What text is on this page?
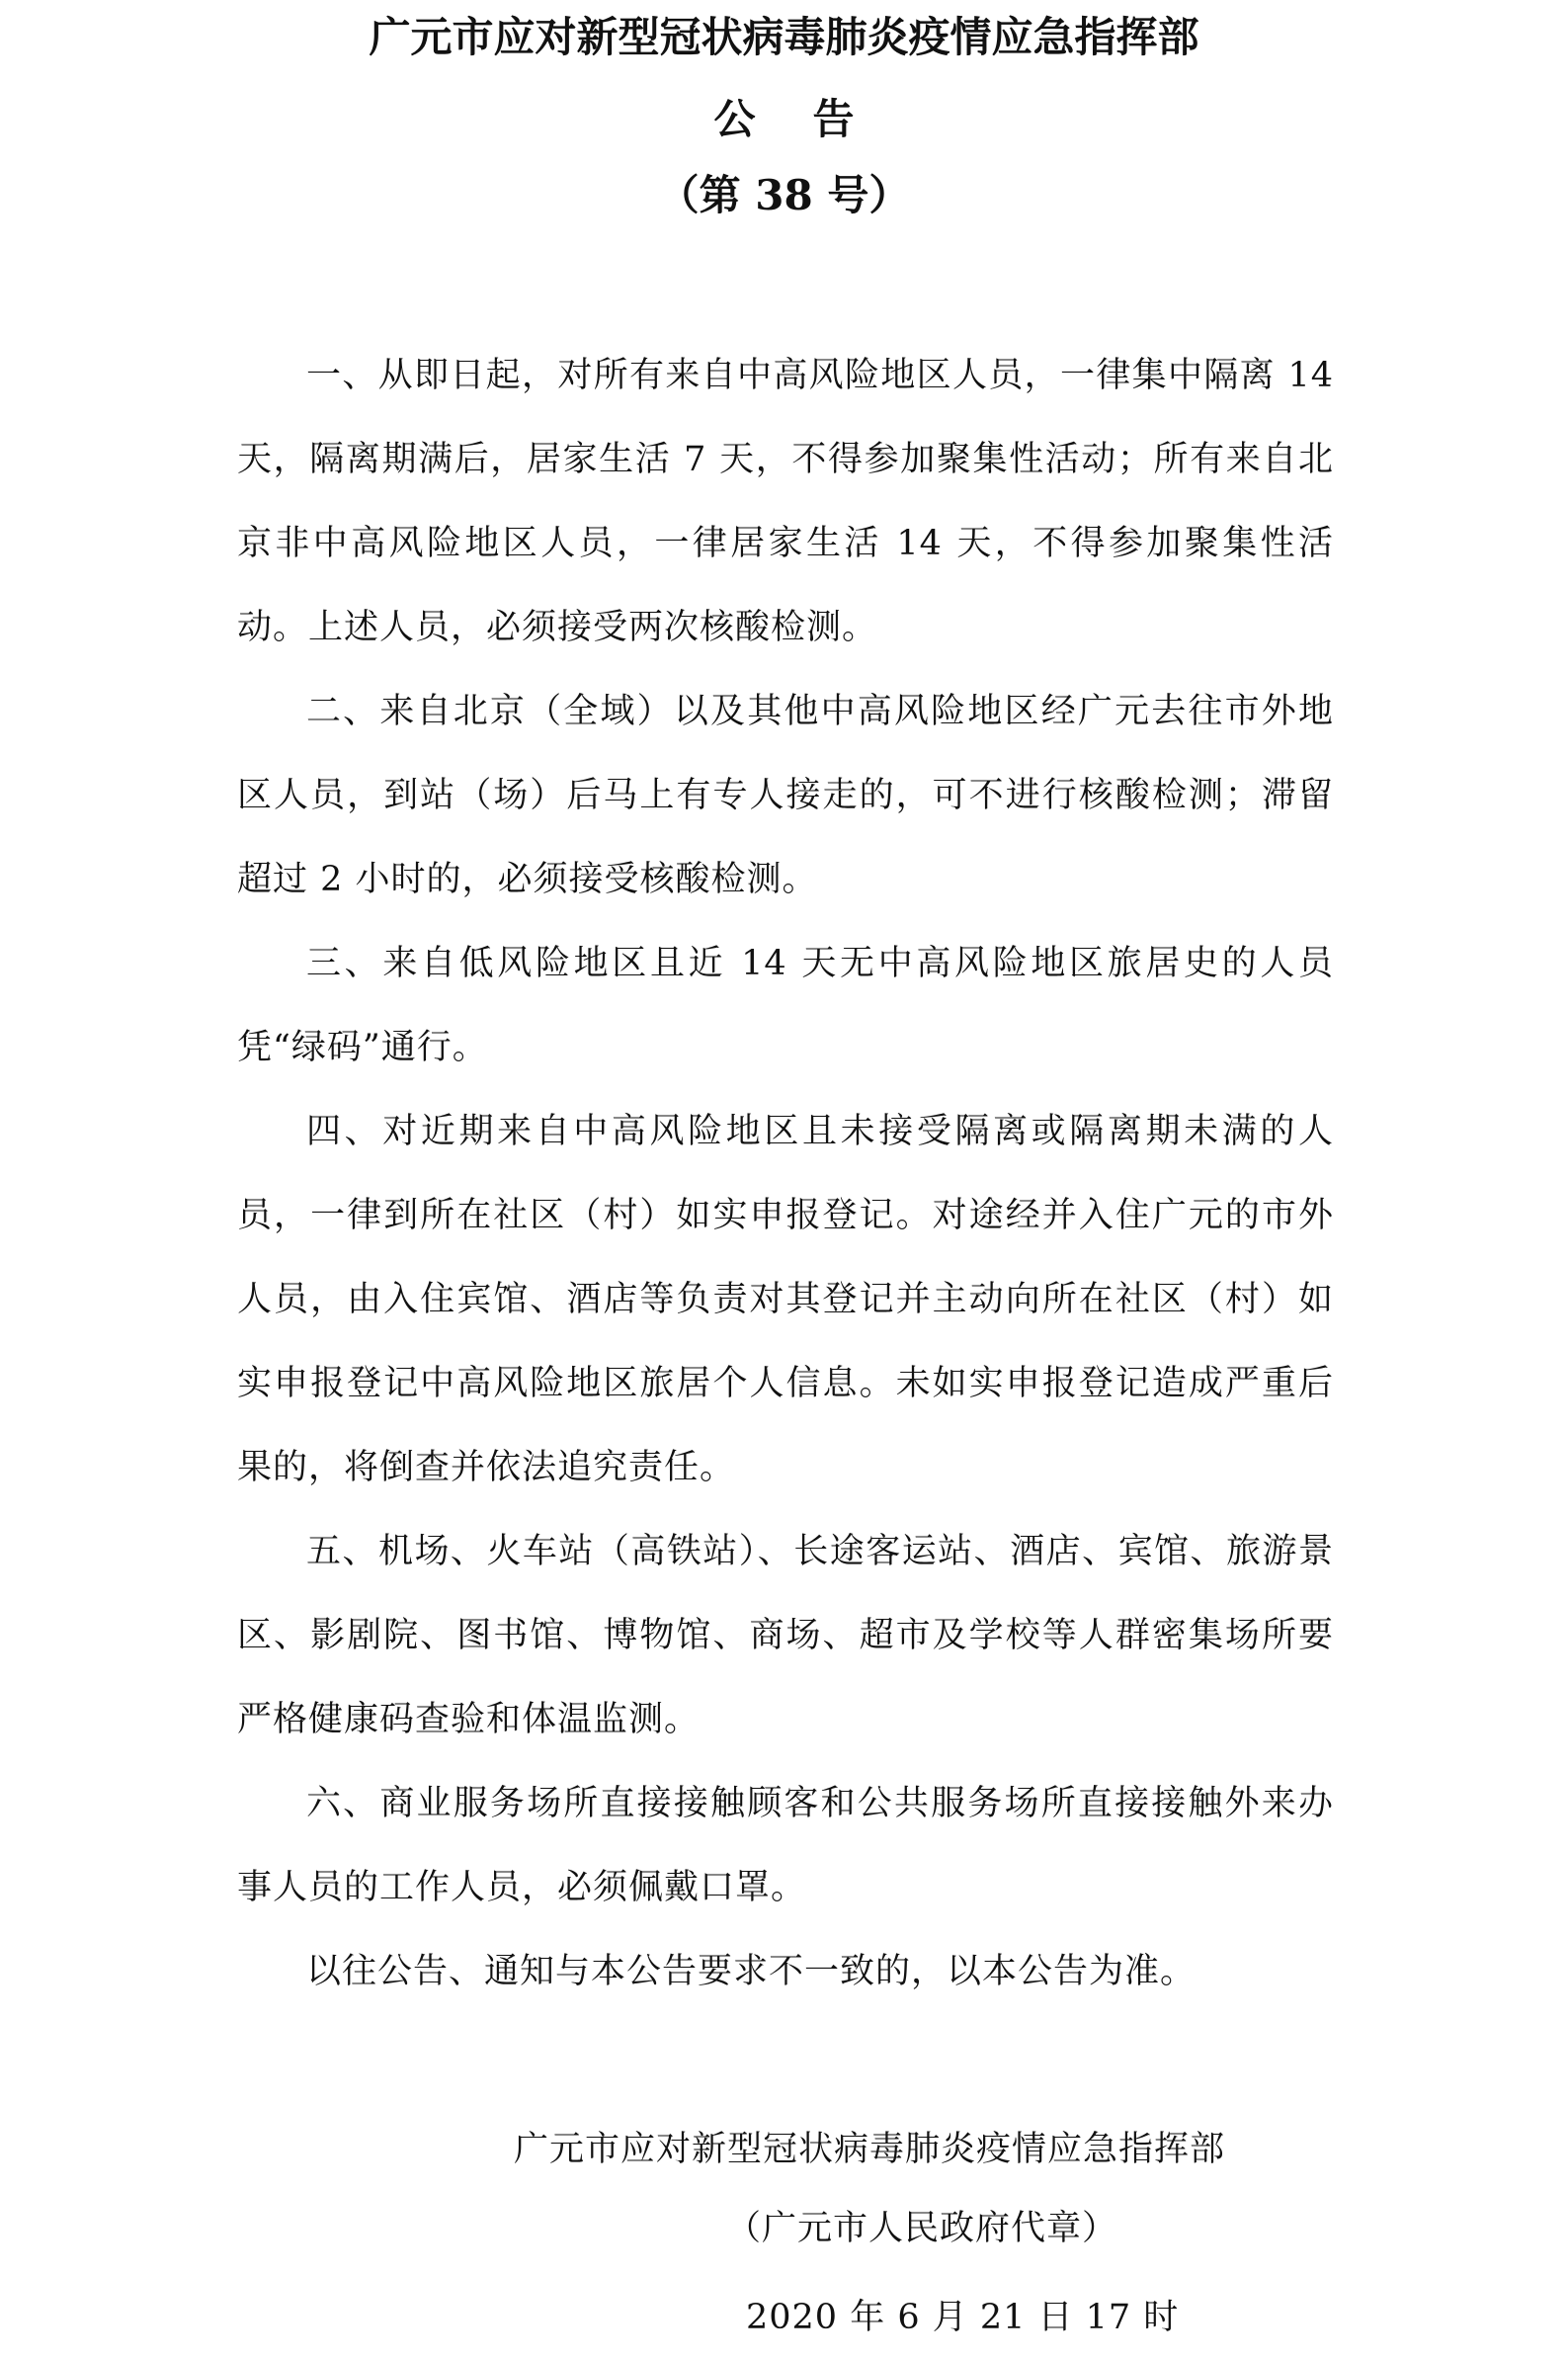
广元市应对新型冠状病毒肺炎疫情应急指挥部
公告
（第 38 号）

一、从即日起，对所有来自中高风险地区人员，一律集中隔离 14 天，隔离期满后，居家生活 7 天，不得参加聚集性活动；所有来自北京非中高风险地区人员，一律居家生活 14 天，不得参加聚集性活动。上述人员，必须接受两次核酸检测。

二、来自北京（全域）以及其他中高风险地区经广元去往市外地区人员，到站（场）后马上有专人接走的，可不进行核酸检测；滞留超过 2 小时的，必须接受核酸检测。

三、来自低风险地区且近 14 天无中高风险地区旅居史的人员凭“绿码”通行。

四、对近期来自中高风险地区且未接受隔离或隔离期未满的人员，一律到所在社区（村）如实申报登记。对途经并入住广元的市外人员，由入住宾馆、酒店等负责对其登记并主动向所在社区（村）如实申报登记中高风险地区旅居个人信息。未如实申报登记造成严重后果的，将倒查并依法追究责任。

五、机场、火车站（高铁站）、长途客运站、酒店、宾馆、旅游景区、影剧院、图书馆、博物馆、商场、超市及学校等人群密集场所要严格健康码查验和体温监测。

六、商业服务场所直接接触顾客和公共服务场所直接接触外来办事人员的工作人员，必须佩戴口罩。

以往公告、通知与本公告要求不一致的，以本公告为准。

广元市应对新型冠状病毒肺炎疫情应急指挥部
（广元市人民政府代章）
2020 年 6 月 21 日 17 时
